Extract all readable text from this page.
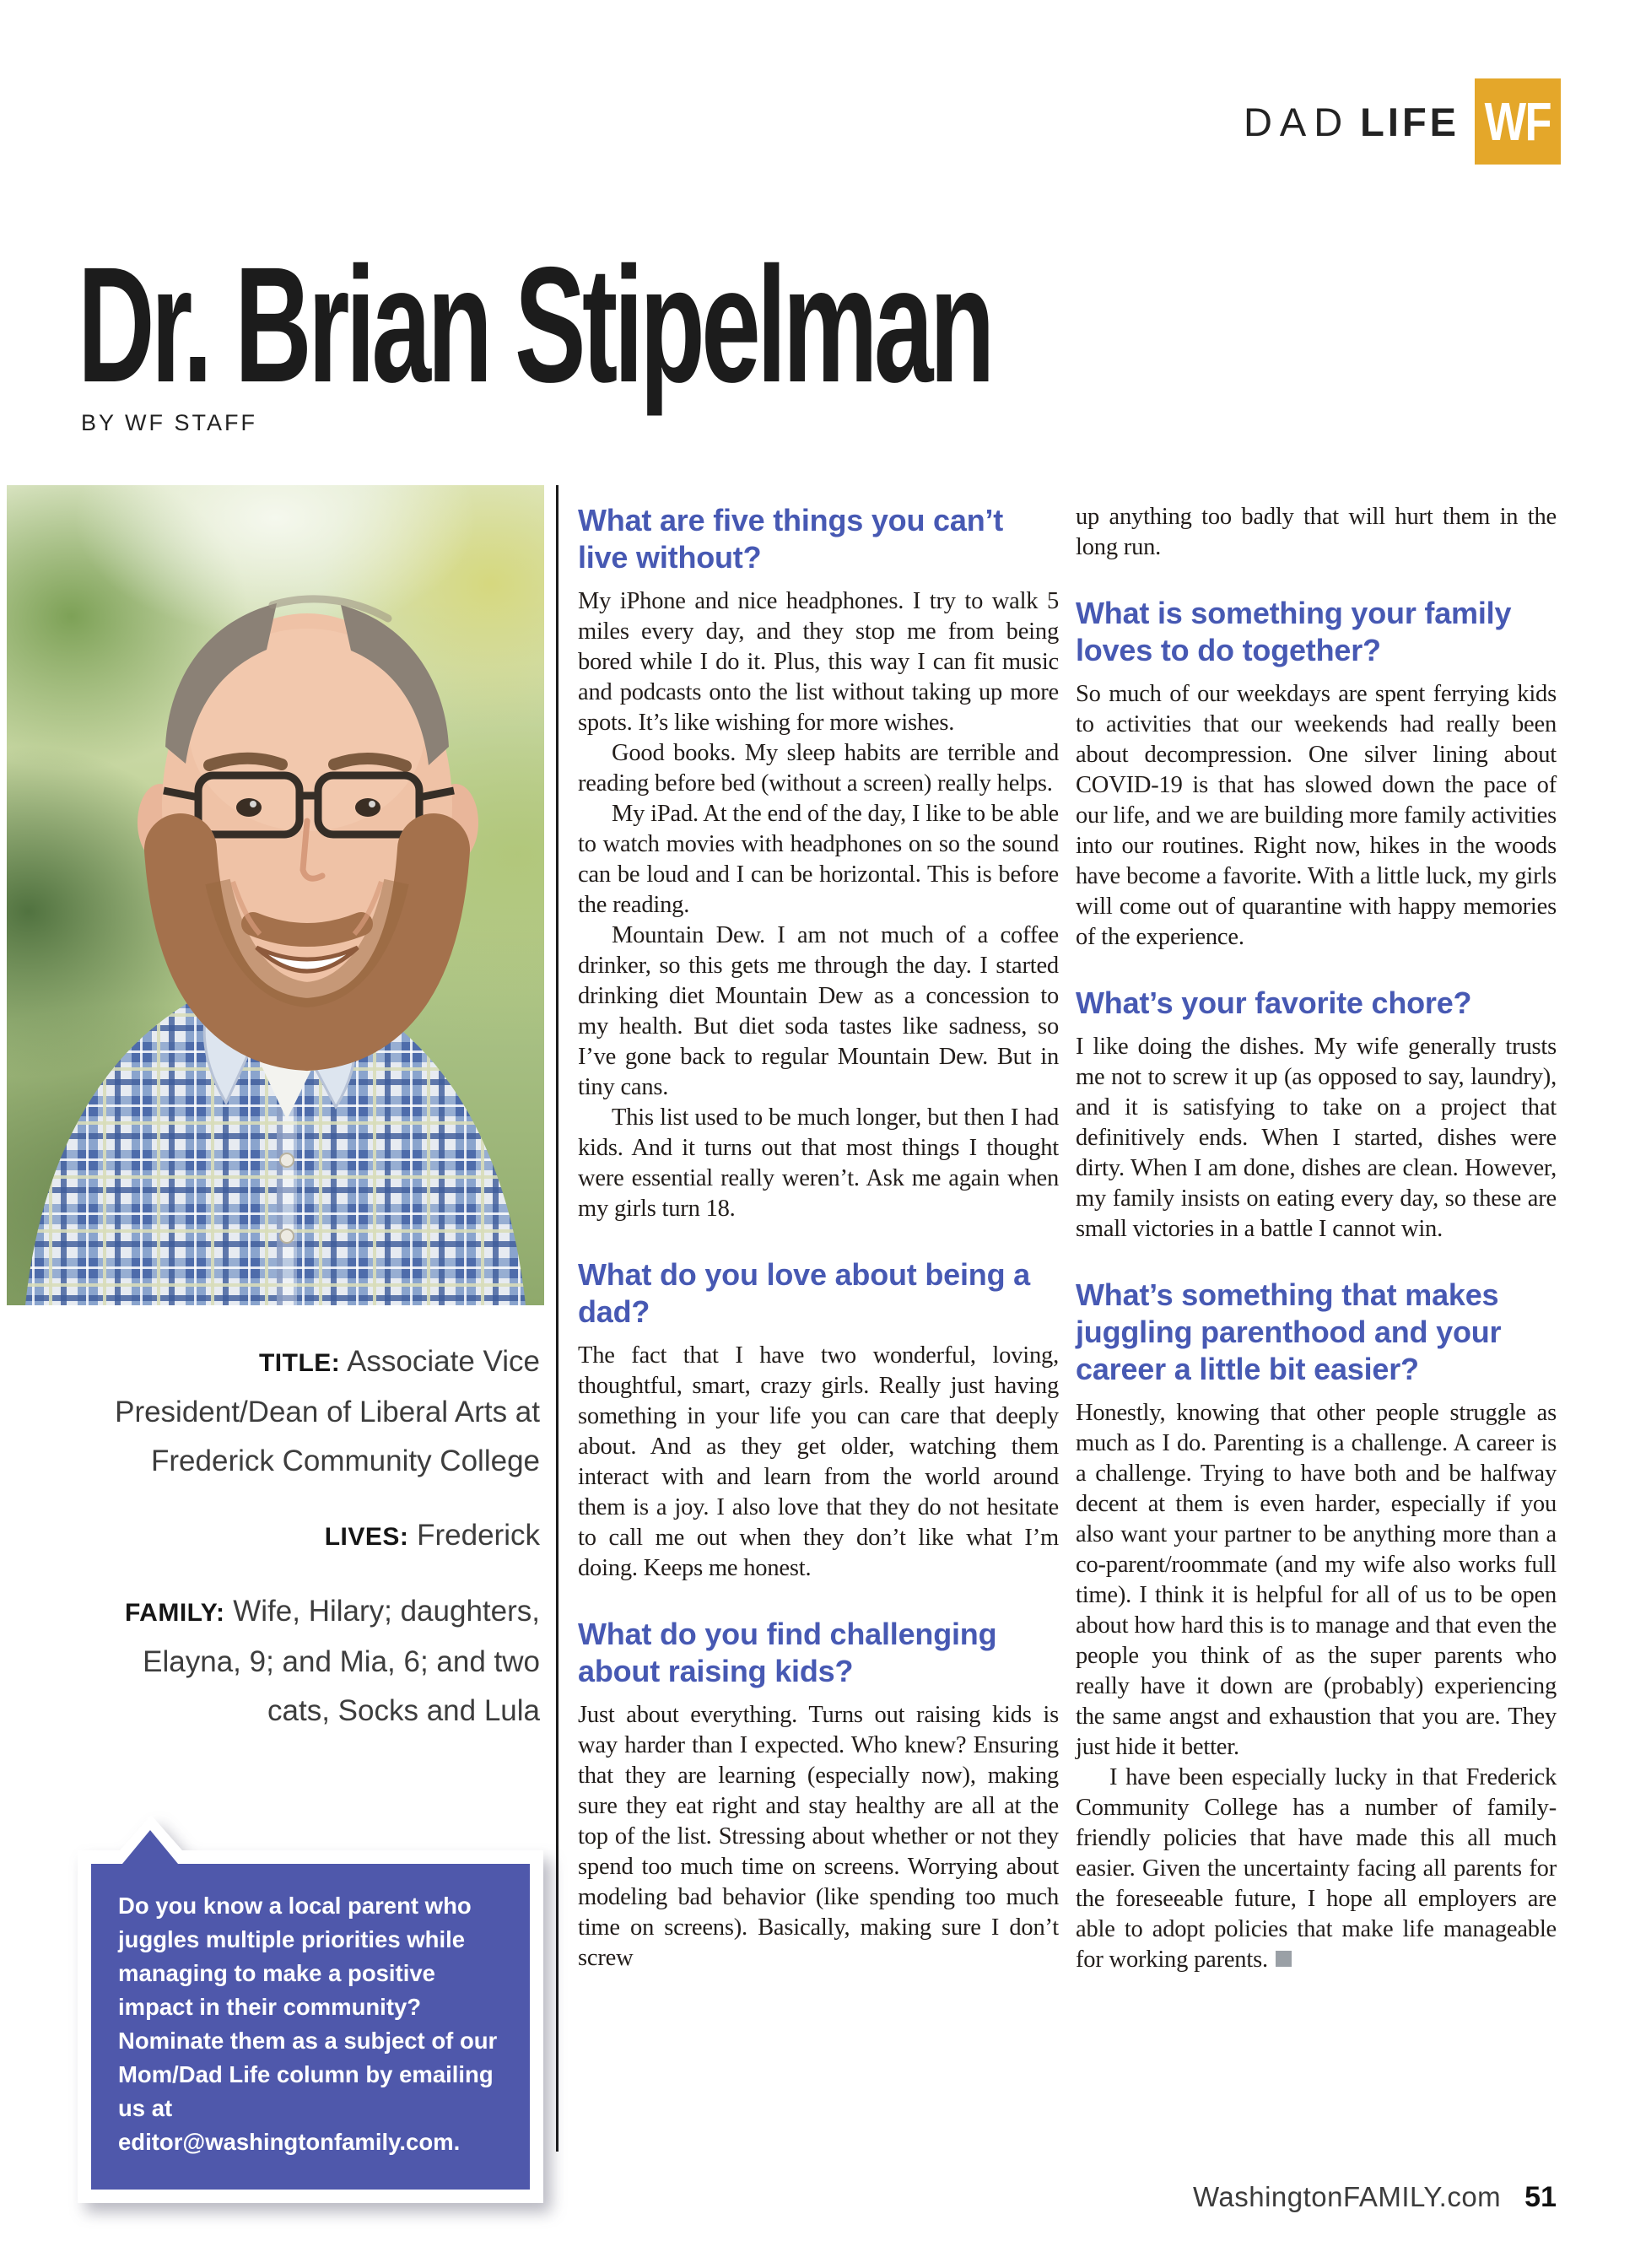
DAD LIFE WF
Dr. Brian Stipelman
BY WF STAFF
TITLE: Associate Vice President/Dean of Liberal Arts at Frederick Community College
LIVES: Frederick
FAMILY: Wife, Hilary; daughters, Elayna, 9; and Mia, 6; and two cats, Socks and Lula
Do you know a local parent who juggles multiple priorities while managing to make a positive impact in their community? Nominate them as a subject of our Mom/Dad Life column by emailing us at editor@washingtonfamily.com.
What are five things you can’t live without?

My iPhone and nice headphones. I try to walk 5 miles every day, and they stop me from being bored while I do it. Plus, this way I can fit music and podcasts onto the list without taking up more spots. It’s like wishing for more wishes.

Good books. My sleep habits are terrible and reading before bed (without a screen) really helps.

My iPad. At the end of the day, I like to be able to watch movies with headphones on so the sound can be loud and I can be horizontal. This is before the reading.

Mountain Dew. I am not much of a coffee drinker, so this gets me through the day. I started drinking diet Mountain Dew as a concession to my health. But diet soda tastes like sadness, so I’ve gone back to regular Mountain Dew. But in tiny cans.

This list used to be much longer, but then I had kids. And it turns out that most things I thought were essential really weren’t. Ask me again when my girls turn 18.

What do you love about being a dad?

The fact that I have two wonderful, loving, thoughtful, smart, crazy girls. Really just having something in your life you can care that deeply about. And as they get older, watching them interact with and learn from the world around them is a joy. I also love that they do not hesitate to call me out when they don’t like what I’m doing. Keeps me honest.

What do you find challenging about raising kids?

Just about everything. Turns out raising kids is way harder than I expected. Who knew? Ensuring that they are learning (especially now), making sure they eat right and stay healthy are all at the top of the list. Stressing about whether or not they spend too much time on screens. Worrying about modeling bad behavior (like spending too much time on screens). Basically, making sure I don’t screw

up anything too badly that will hurt them in the long run.

What is something your family loves to do together?

So much of our weekdays are spent ferrying kids to activities that our weekends had really been about decompression. One silver lining about COVID-19 is that has slowed down the pace of our life, and we are building more family activities into our routines. Right now, hikes in the woods have become a favorite. With a little luck, my girls will come out of quarantine with happy memories of the experience.

What’s your favorite chore?

I like doing the dishes. My wife generally trusts me not to screw it up (as opposed to say, laundry), and it is satisfying to take on a project that definitively ends. When I started, dishes were dirty. When I am done, dishes are clean. However, my family insists on eating every day, so these are small victories in a battle I cannot win.

What’s something that makes juggling parenthood and your career a little bit easier?

Honestly, knowing that other people struggle as much as I do. Parenting is a challenge. A career is a challenge. Trying to have both and be halfway decent at them is even harder, especially if you also want your partner to be anything more than a co-parent/roommate (and my wife also works full time). I think it is helpful for all of us to be open about how hard this is to manage and that even the people you think of as the super parents who really have it down are (probably) experiencing the same angst and exhaustion that you are. They just hide it better.

I have been especially lucky in that Frederick Community College has a number of family-friendly policies that have made this all much easier. Given the uncertainty facing all parents for the foreseeable future, I hope all employers are able to adopt policies that make life manageable for working parents.

WashingtonFAMILY.com 51
